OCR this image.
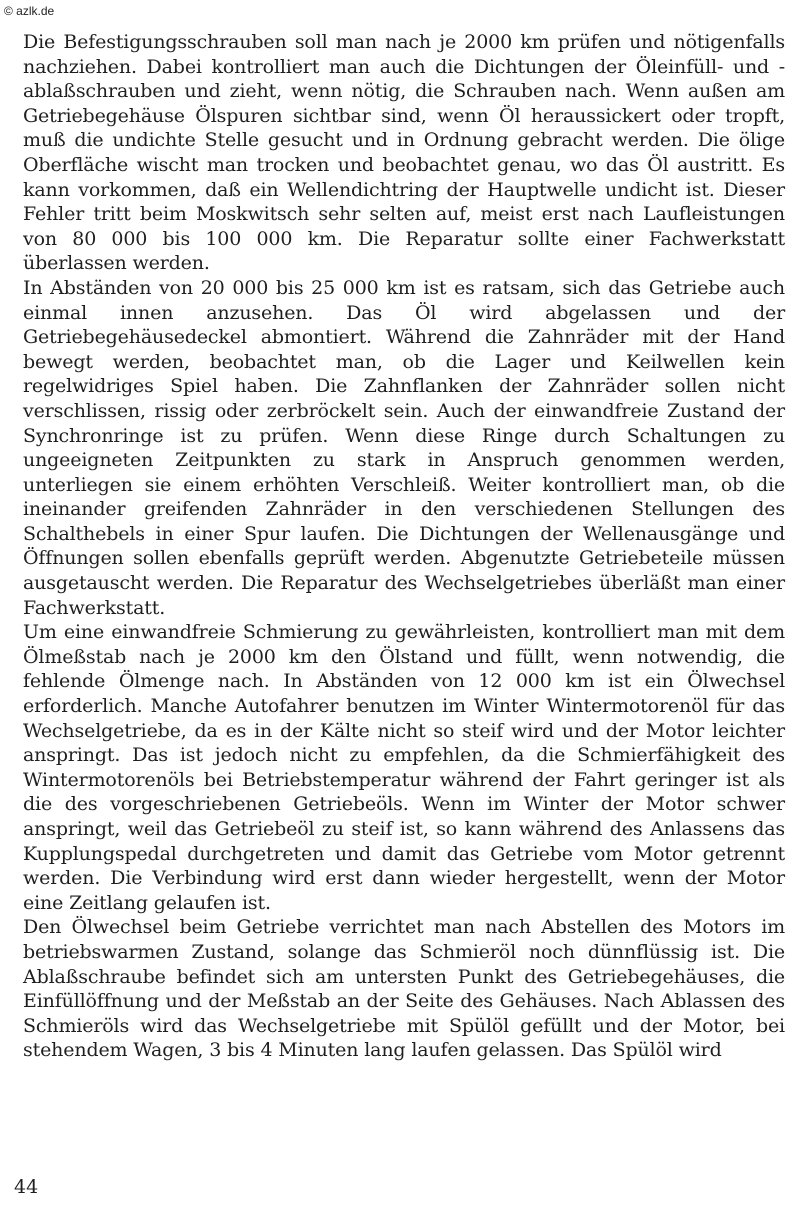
© azlk.de

Die Befestigungsschrauben soll man nach je 2000 km prüfen und nötigenfalls nachziehen. Dabei kontrolliert man auch die Dichtungen der Öleinfüll- und -ablaßschrauben und zieht, wenn nötig, die Schrauben nach. Wenn außen am Getriebegehäuse Ölspuren sichtbar sind, wenn Öl heraussickert oder tropft, muß die undichte Stelle gesucht und in Ordnung gebracht werden. Die ölige Oberfläche wischt man trocken und beobachtet genau, wo das Öl austritt. Es kann vorkommen, daß ein Wellendichtring der Hauptwelle undicht ist. Dieser Fehler tritt beim Moskwitsch sehr selten auf, meist erst nach Laufleistungen von 80 000 bis 100 000 km. Die Reparatur sollte einer Fachwerkstatt überlassen werden.

In Abständen von 20 000 bis 25 000 km ist es ratsam, sich das Getriebe auch einmal innen anzusehen. Das Öl wird abgelassen und der Getriebegehäusedeckel abmontiert. Während die Zahnräder mit der Hand bewegt werden, beobachtet man, ob die Lager und Keilwellen kein regelwidriges Spiel haben. Die Zahnflanken der Zahnräder sollen nicht verschlissen, rissig oder zerbröckelt sein. Auch der einwandfreie Zustand der Synchronringe ist zu prüfen. Wenn diese Ringe durch Schaltungen zu ungeeigneten Zeitpunkten zu stark in Anspruch genommen werden, unterliegen sie einem erhöhten Verschleiß. Weiter kontrolliert man, ob die ineinander greifenden Zahnräder in den verschiedenen Stellungen des Schalthebels in einer Spur laufen. Die Dichtungen der Wellenausgänge und Öffnungen sollen ebenfalls geprüft werden. Abgenutzte Getriebeteile müssen ausgetauscht werden. Die Reparatur des Wechselgetriebes überläßt man einer Fachwerkstatt.

Um eine einwandfreie Schmierung zu gewährleisten, kontrolliert man mit dem Ölmeßstab nach je 2000 km den Ölstand und füllt, wenn notwendig, die fehlende Ölmenge nach. In Abständen von 12 000 km ist ein Ölwechsel erforderlich. Manche Autofahrer benutzen im Winter Wintermotorenöl für das Wechselgetriebe, da es in der Kälte nicht so steif wird und der Motor leichter anspringt. Das ist jedoch nicht zu empfehlen, da die Schmierfähigkeit des Wintermotorenöls bei Betriebstemperatur während der Fahrt geringer ist als die des vorgeschriebenen Getriebeöls. Wenn im Winter der Motor schwer anspringt, weil das Getriebeöl zu steif ist, so kann während des Anlassens das Kupplungspedal durchgetreten und damit das Getriebe vom Motor getrennt werden. Die Verbindung wird erst dann wieder hergestellt, wenn der Motor eine Zeitlang gelaufen ist.

Den Ölwechsel beim Getriebe verrichtet man nach Abstellen des Motors im betriebswarmen Zustand, solange das Schmieröl noch dünnflüssig ist. Die Ablaßschraube befindet sich am untersten Punkt des Getriebegehäuses, die Einfüllöffnung und der Meßstab an der Seite des Gehäuses. Nach Ablassen des Schmieröls wird das Wechselgetriebe mit Spülöl gefüllt und der Motor, bei stehendem Wagen, 3 bis 4 Minuten lang laufen gelassen. Das Spülöl wird

44
